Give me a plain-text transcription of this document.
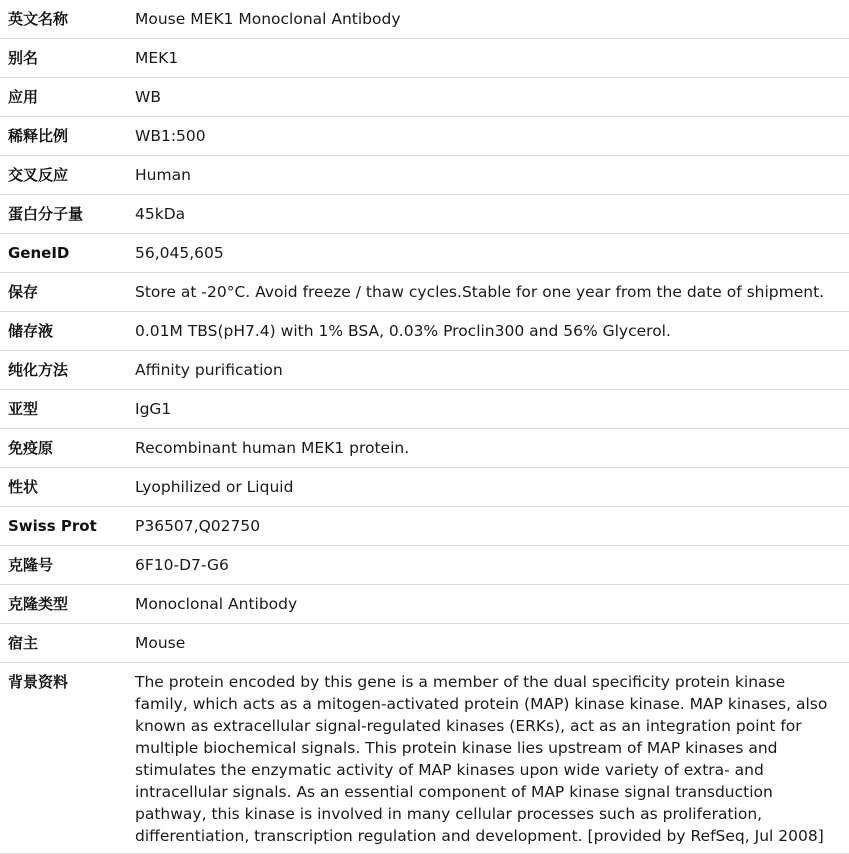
英文名称	Mouse MEK1 Monoclonal Antibody
别名	MEK1
应用	WB
稀释比例	WB1:500
交叉反应	Human
蛋白分子量	45kDa
GeneID	56,045,605
保存	Store at -20°C. Avoid freeze / thaw cycles.Stable for one year from the date of shipment.
储存液	0.01M TBS(pH7.4) with 1% BSA, 0.03% Proclin300 and 56% Glycerol.
纯化方法	Affinity purification
亚型	IgG1
免疫原	Recombinant human MEK1 protein.
性状	Lyophilized or Liquid
Swiss Prot	P36507,Q02750
克隆号	6F10-D7-G6
克隆类型	Monoclonal Antibody
宿主	Mouse
背景资料	The protein encoded by this gene is a member of the dual specificity protein kinase family, which acts as a mitogen-activated protein (MAP) kinase kinase. MAP kinases, also known as extracellular signal-regulated kinases (ERKs), act as an integration point for multiple biochemical signals. This protein kinase lies upstream of MAP kinases and stimulates the enzymatic activity of MAP kinases upon wide variety of extra- and intracellular signals. As an essential component of MAP kinase signal transduction pathway, this kinase is involved in many cellular processes such as proliferation, differentiation, transcription regulation and development. [provided by RefSeq, Jul 2008]
